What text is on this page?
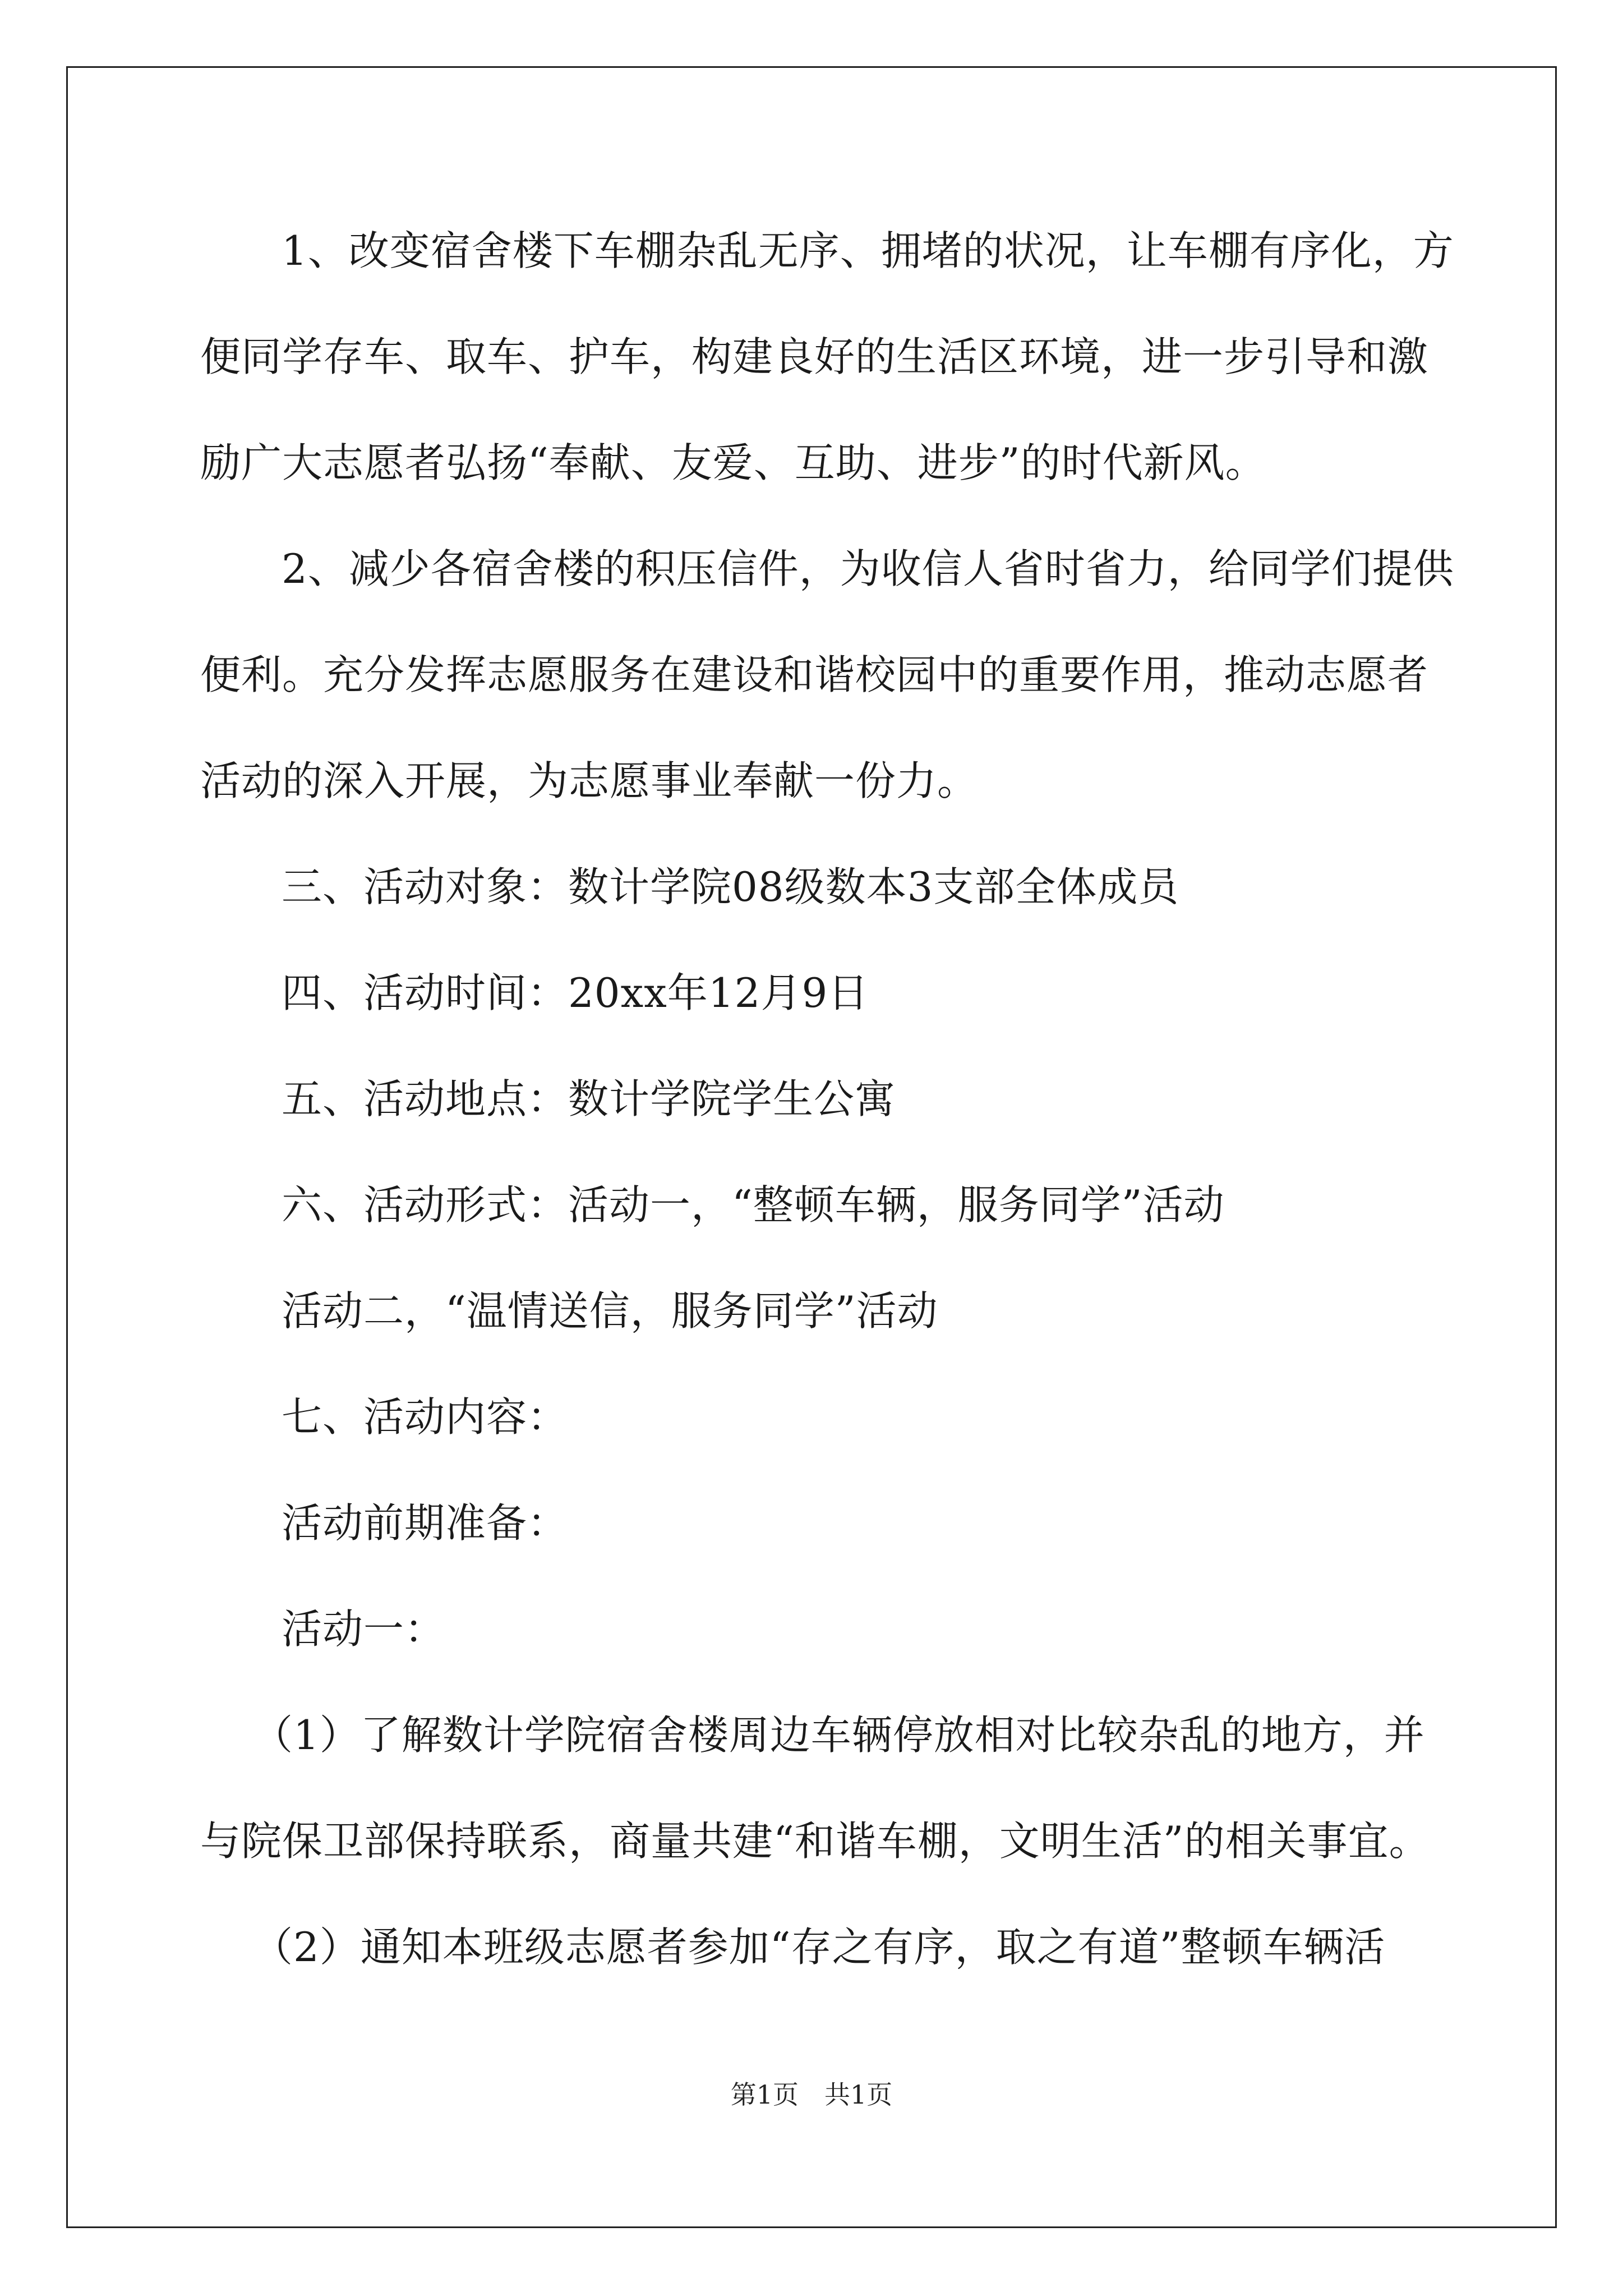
1、改变宿舍楼下车棚杂乱无序、拥堵的状况，让车棚有序化，方
便同学存车、取车、护车，构建良好的生活区环境，进一步引导和激
励广大志愿者弘扬“奉献、友爱、互助、进步”的时代新风。
2、减少各宿舍楼的积压信件，为收信人省时省力，给同学们提供
便利。充分发挥志愿服务在建设和谐校园中的重要作用，推动志愿者
活动的深入开展，为志愿事业奉献一份力。
三、活动对象：数计学院08级数本3支部全体成员
四、活动时间：20xx年12月9日
五、活动地点：数计学院学生公寓
六、活动形式：活动一，“整顿车辆，服务同学”活动
活动二，“温情送信，服务同学”活动
七、活动内容：
活动前期准备：
活动一：
（1）了解数计学院宿舍楼周边车辆停放相对比较杂乱的地方，并
与院保卫部保持联系，商量共建“和谐车棚，文明生活”的相关事宜。
（2）通知本班级志愿者参加“存之有序，取之有道”整顿车辆活
第1页 共1页
